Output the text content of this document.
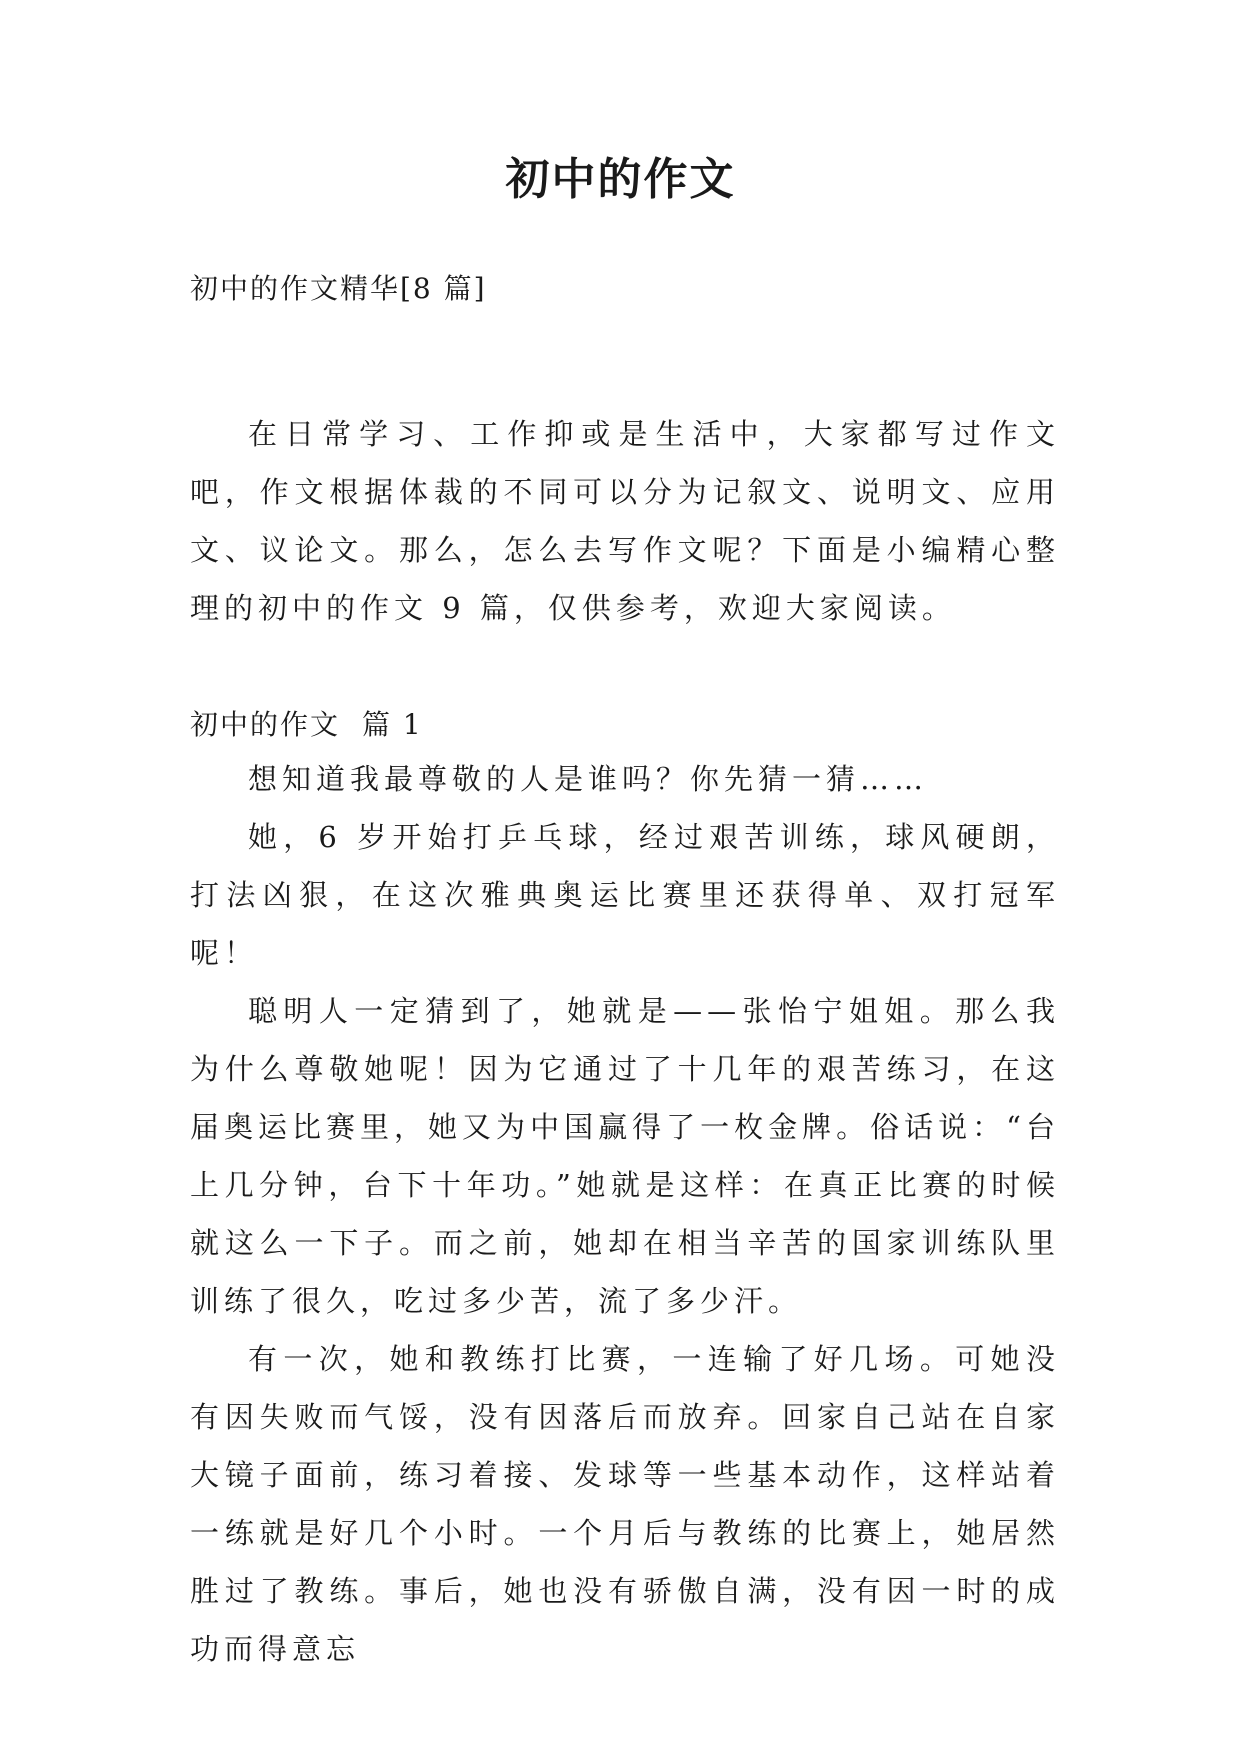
初中的作文
初中的作文精华[8 篇]

在日常学习、工作抑或是生活中，大家都写过作文吧，作文根据体裁的不同可以分为记叙文、说明文、应用文、议论文。那么，怎么去写作文呢？下面是小编精心整理的初中的作文 9 篇，仅供参考，欢迎大家阅读。

初中的作文 篇 1

想知道我最尊敬的人是谁吗？你先猜一猜……

她，6 岁开始打乒乓球，经过艰苦训练，球风硬朗，打法凶狠，在这次雅典奥运比赛里还获得单、双打冠军呢！

聪明人一定猜到了，她就是——张怡宁姐姐。那么我为什么尊敬她呢！因为它通过了十几年的艰苦练习，在这届奥运比赛里，她又为中国赢得了一枚金牌。俗话说：“台上几分钟，台下十年功。”她就是这样：在真正比赛的时候就这么一下子。而之前，她却在相当辛苦的国家训练队里训练了很久，吃过多少苦，流了多少汗。

有一次，她和教练打比赛，一连输了好几场。可她没有因失败而气馁，没有因落后而放弃。回家自己站在自家大镜子面前，练习着接、发球等一些基本动作，这样站着一练就是好几个小时。一个月后与教练的比赛上，她居然胜过了教练。事后，她也没有骄傲自满，没有因一时的成功而得意忘
